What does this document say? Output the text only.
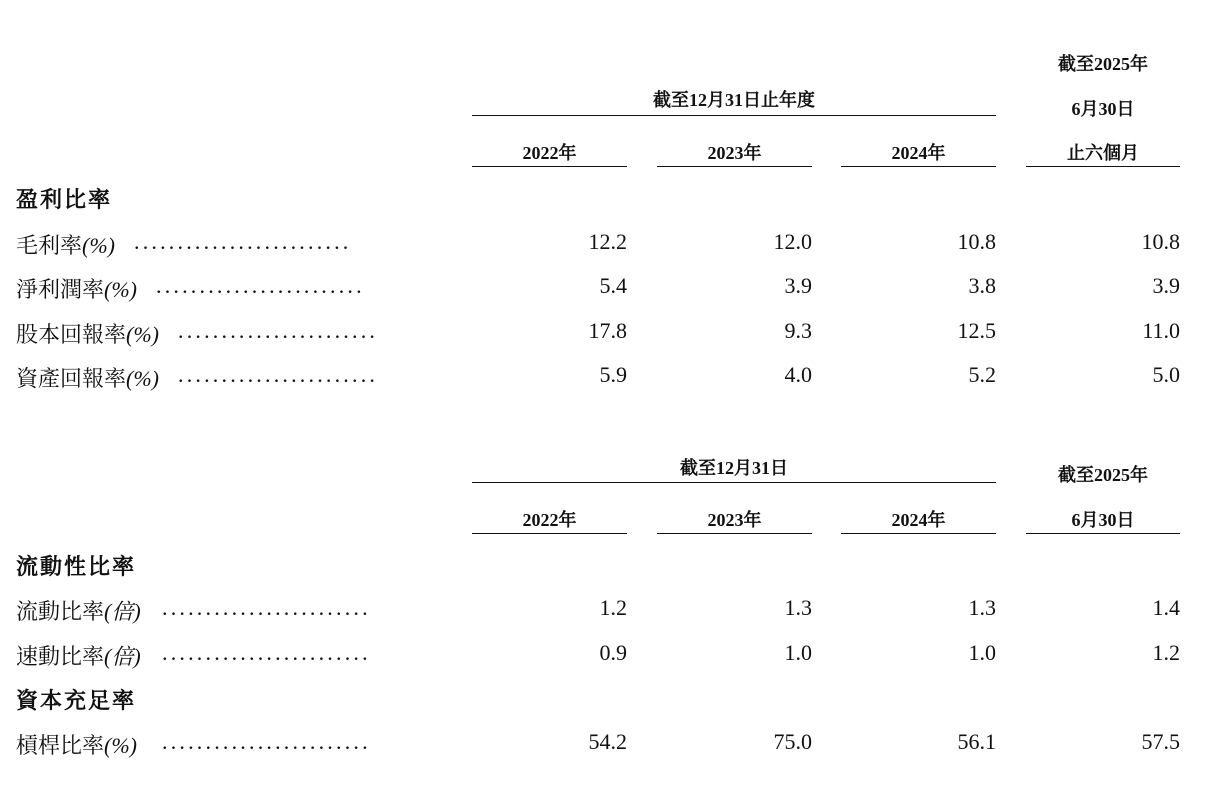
截至2025年
截至12月31日止年度	6月30日
2022年	2023年	2024年	止六個月
盈利比率
毛利率(%) .........................	12.2	12.0	10.8	10.8
淨利潤率(%) ........................	5.4	3.9	3.8	3.9
股本回報率(%) .......................	17.8	9.3	12.5	11.0
資產回報率(%) .......................	5.9	4.0	5.2	5.0
截至12月31日	截至2025年
2022年	2023年	2024年	6月30日
流動性比率
流動比率(倍) ........................	1.2	1.3	1.3	1.4
速動比率(倍) ........................	0.9	1.0	1.0	1.2
資本充足率
槓桿比率(%) ........................	54.2	75.0	56.1	57.5
